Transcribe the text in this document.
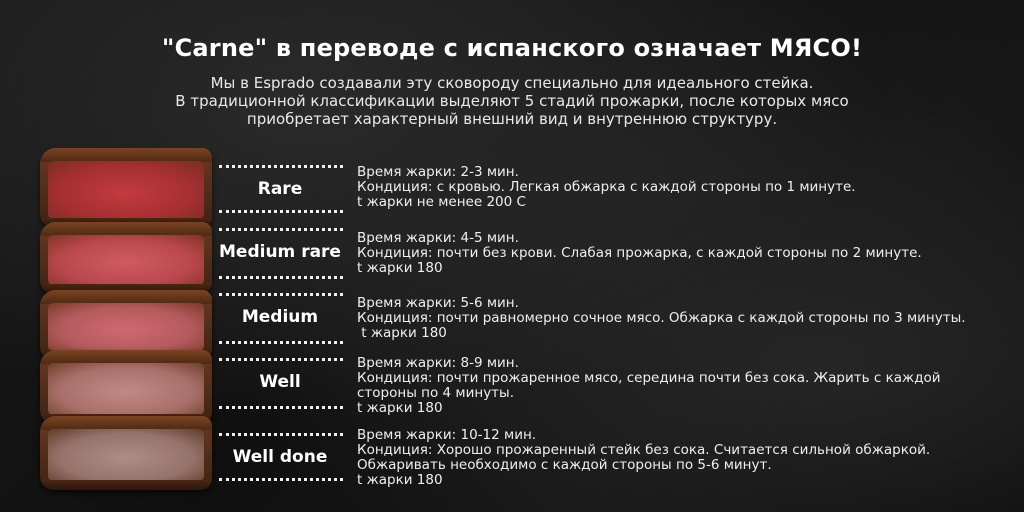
"Carne" в переводе с испанского означает МЯСО!
Мы в Esprado создавали эту сковороду специально для идеального стейка.
В традиционной классификации выделяют 5 стадий прожарки, после которых мясо
приобретает характерный внешний вид и внутреннюю структуру.
Rare
Время жарки: 2-3 мин.
Кондиция: с кровью. Легкая обжарка с каждой стороны по 1 минуте.
t жарки не менее 200 С
Medium rare
Время жарки: 4-5 мин.
Кондиция: почти без крови. Слабая прожарка, с каждой стороны по 2 минуте.
t жарки 180
Medium
Время жарки: 5-6 мин.
Кондиция: почти равномерно сочное мясо. Обжарка с каждой стороны по 3 минуты.
t жарки 180
Well
Время жарки: 8-9 мин.
Кондиция: почти прожаренное мясо, середина почти без сока. Жарить с каждой
стороны по 4 минуты.
t жарки 180
Well done
Время жарки: 10-12 мин.
Кондиция: Хорошо прожаренный стейк без сока. Считается сильной обжаркой.
Обжаривать необходимо с каждой стороны по 5-6 минут.
t жарки 180
